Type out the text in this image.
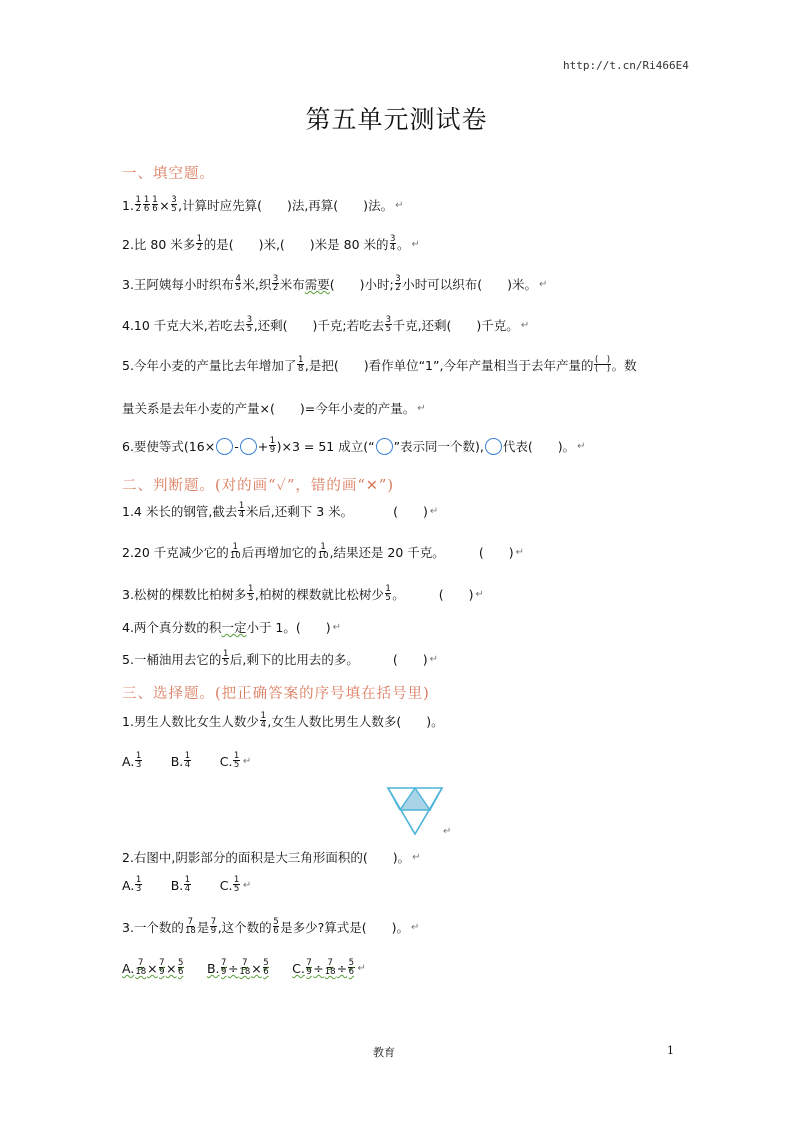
http://t.cn/Ri466E4
第五单元测试卷
一、填空题。
1. $\frac{1}{2} \frac{1}{6} \frac{1}{6} \times \frac{3}{5}$ ,计算时应先算(　　)法,再算(　　)法。 ↵
2.比 80 米多 $\frac{1}{2}$ 的是(　　)米,(　　)米是 80 米的 $\frac{3}{4}$ 。 ↵
3.王阿姨每小时织布 $\frac{4}{5}$ 米,织 $\frac{3}{2}$ 米布 需要 (　　)小时; $\frac{3}{2}$ 小时可以织布(　　)米。 ↵
4.10 千克大米,若吃去 $\frac{3}{5}$ ,还剩(　　)千克;若吃去 $\frac{3}{5}$ 千克,还剩(　　)千克。 ↵
5.今年小麦的产量比去年增加了 $\frac{1}{8}$ ,是把(　　)看作单位“1”,今年产量相当于去年产量的 $\frac{( )}{( )}$ 。数
量关系是去年小麦的产量×(　　)=今年小麦的产量。 ↵
6.要使等式(16× - + $\frac{1}{9} )\times 3 = 51$ 成立(“ ”表示同一个数), 代表(　　)。 ↵
二、判断题。(对的画“✓”，错的画“✕”)
1.4 米长的钢管,截去 $\frac{1}{4}$ 米后,还剩下 3 米。	(　　) ↵
2.20 千克减少它的 $\frac{1}{10}$ 后再增加它的 $\frac{1}{10}$ ,结果还是 20 千克。	(　　) ↵
3.松树的棵数比柏树多 $\frac{1}{5}$ ,柏树的棵数就比松树少 $\frac{1}{5}$ 。	(　　) ↵
4.两个真分数的积 一定 小于 1。(　　) ↵
5.一桶油用去它的 $\frac{1}{5}$ 后,剩下的比用去的多。	(　　) ↵
三、选择题。(把正确答案的序号填在括号里)
1.男生人数比女生人数少 $\frac{1}{4}$ ,女生人数比男生人数多(　　)。
A. $\frac{1}{3} B$. $\frac{1}{4} C$. $\frac{1}{5}$ ↵
↵
2.右图中,阴影部分的面积是大三角形面积的(　　)。 ↵
A. $\frac{1}{3} B$. $\frac{1}{4} C$. $\frac{1}{5}$ ↵
3.一个数的 $\frac{7}{18}$ 是 $\frac{7}{9}$ ,这个数的 $\frac{5}{6}$ 是多少?算式是(　　)。 ↵
A. $\frac{7}{18} \times \frac{7}{9} \times \frac{5}{6} B$. $\frac{7}{9} \div \frac{7}{18} \times \frac{5}{6} C$. $\frac{7}{9} \div \frac{7}{18} \div \frac{5}{6}$ ↵
教育	1
